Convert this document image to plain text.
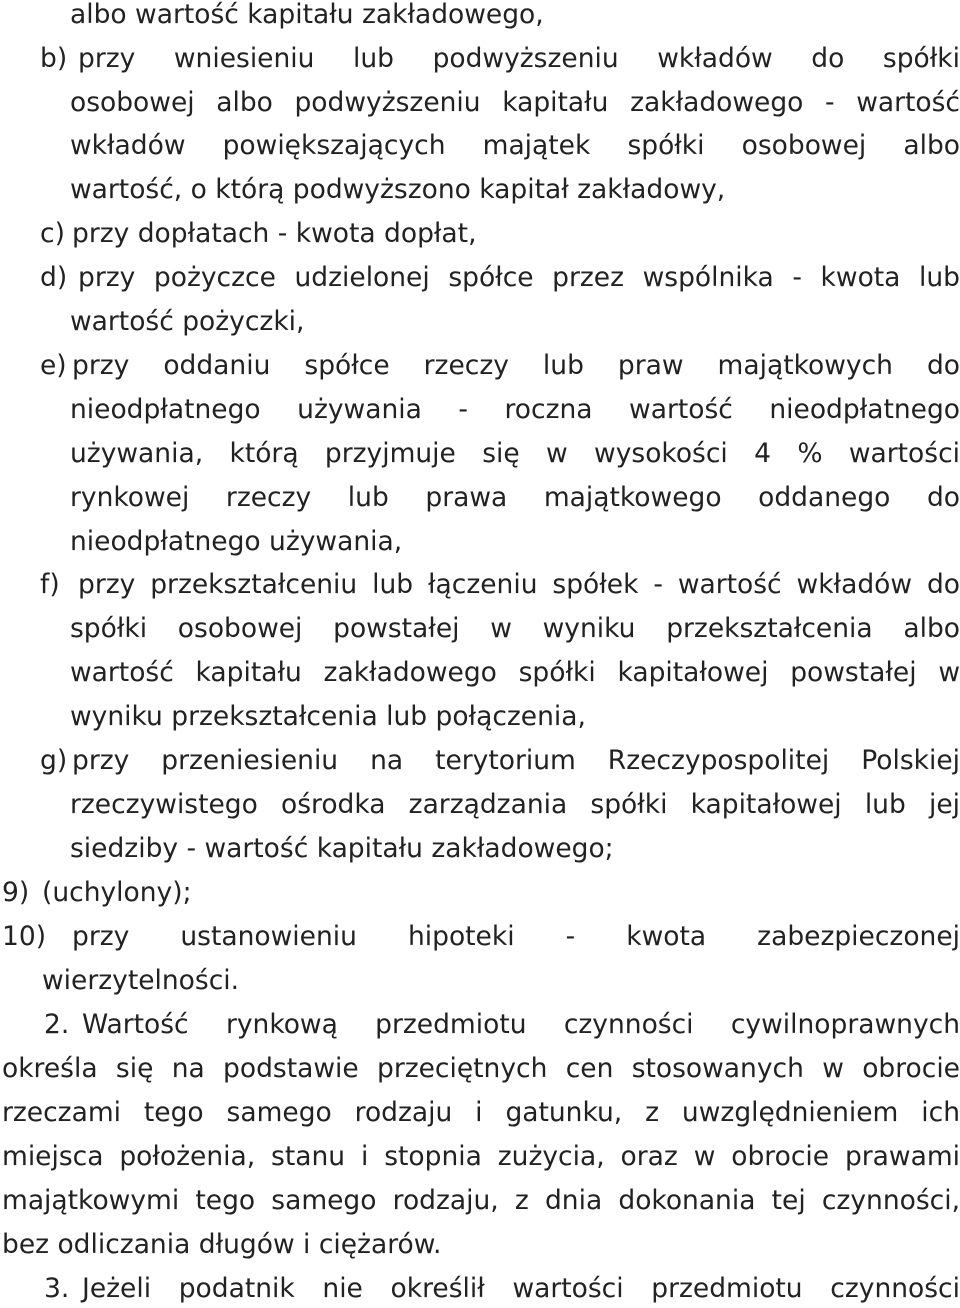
albo wartość kapitału zakładowego,
b) przy wniesieniu lub podwyższeniu wkładów do spółki
osobowej albo podwyższeniu kapitału zakładowego - wartość
wkładów powiększających majątek spółki osobowej albo
wartość, o którą podwyższono kapitał zakładowy,
c) przy dopłatach - kwota dopłat,
d) przy pożyczce udzielonej spółce przez wspólnika - kwota lub
wartość pożyczki,
e) przy oddaniu spółce rzeczy lub praw majątkowych do
nieodpłatnego używania - roczna wartość nieodpłatnego
używania, którą przyjmuje się w wysokości 4 % wartości
rynkowej rzeczy lub prawa majątkowego oddanego do
nieodpłatnego używania,
f) przy przekształceniu lub łączeniu spółek - wartość wkładów do
spółki osobowej powstałej w wyniku przekształcenia albo
wartość kapitału zakładowego spółki kapitałowej powstałej w
wyniku przekształcenia lub połączenia,
g) przy przeniesieniu na terytorium Rzeczypospolitej Polskiej
rzeczywistego ośrodka zarządzania spółki kapitałowej lub jej
siedziby - wartość kapitału zakładowego;
9) (uchylony);
10) przy ustanowieniu hipoteki - kwota zabezpieczonej
wierzytelności.
2. Wartość rynkową przedmiotu czynności cywilnoprawnych
określa się na podstawie przeciętnych cen stosowanych w obrocie
rzeczami tego samego rodzaju i gatunku, z uwzględnieniem ich
miejsca położenia, stanu i stopnia zużycia, oraz w obrocie prawami
majątkowymi tego samego rodzaju, z dnia dokonania tej czynności,
bez odliczania długów i ciężarów.
3. Jeżeli podatnik nie określił wartości przedmiotu czynności
